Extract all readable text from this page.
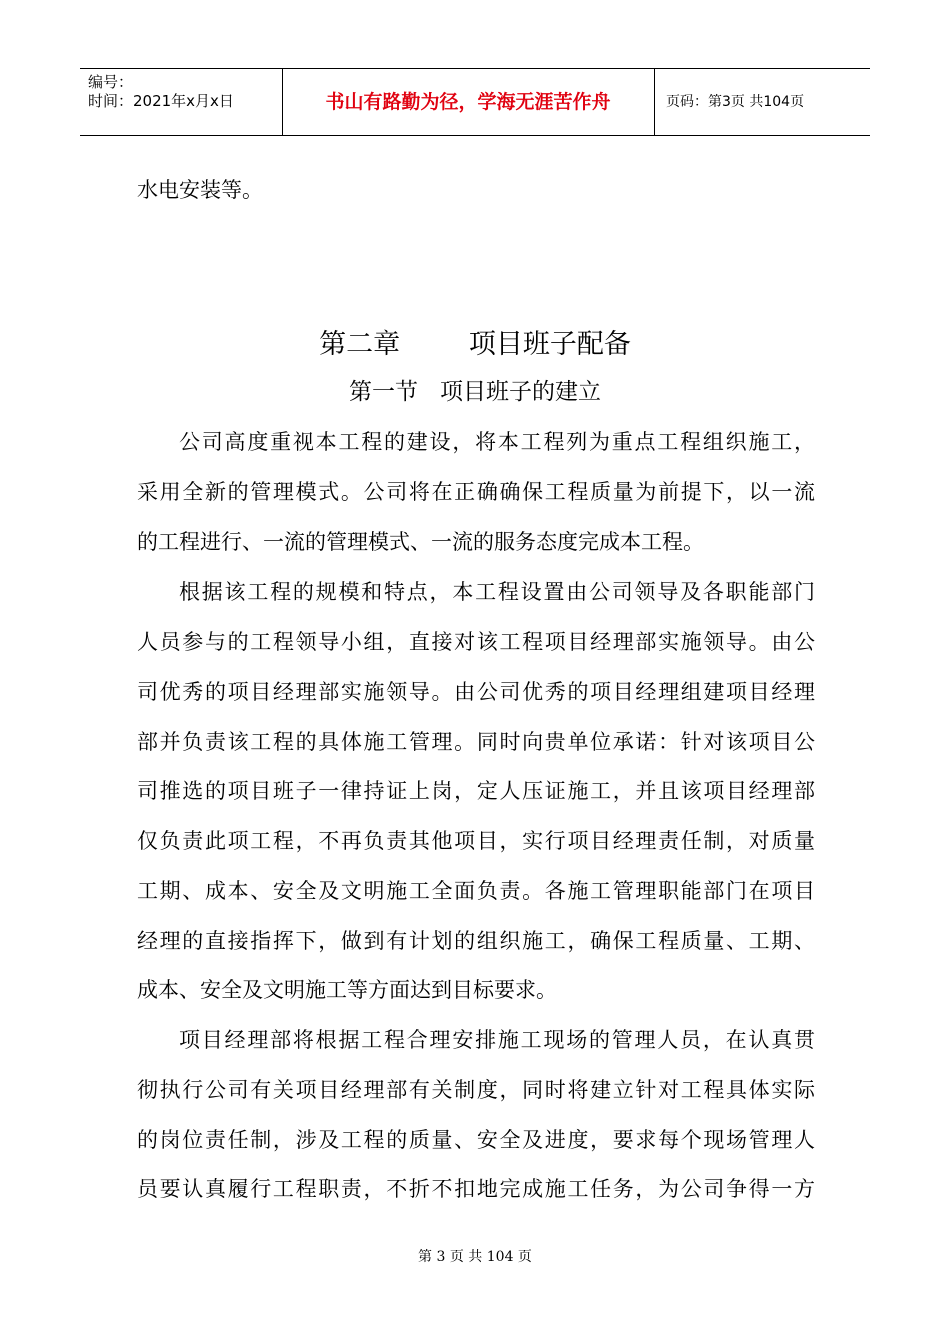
编号：
时间：2021年x月x日	书山有路勤为径，学海无涯苦作舟	页码：第3页 共104页
水电安装等。
第二章        项目班子配备
第一节   项目班子的建立
公司高度重视本工程的建设，将本工程列为重点工程组织施工，
采用全新的管理模式。公司将在正确确保工程质量为前提下，以一流
的工程进行、一流的管理模式、一流的服务态度完成本工程。
根据该工程的规模和特点，本工程设置由公司领导及各职能部门
人员参与的工程领导小组，直接对该工程项目经理部实施领导。由公
司优秀的项目经理部实施领导。由公司优秀的项目经理组建项目经理
部并负责该工程的具体施工管理。同时向贵单位承诺：针对该项目公
司推选的项目班子一律持证上岗，定人压证施工，并且该项目经理部
仅负责此项工程，不再负责其他项目，实行项目经理责任制，对质量
工期、成本、安全及文明施工全面负责。各施工管理职能部门在项目
经理的直接指挥下，做到有计划的组织施工，确保工程质量、工期、
成本、安全及文明施工等方面达到目标要求。
项目经理部将根据工程合理安排施工现场的管理人员，在认真贯
彻执行公司有关项目经理部有关制度，同时将建立针对工程具体实际
的岗位责任制，涉及工程的质量、安全及进度，要求每个现场管理人
员要认真履行工程职责，不折不扣地完成施工任务，为公司争得一方
第 3 页 共 104 页
